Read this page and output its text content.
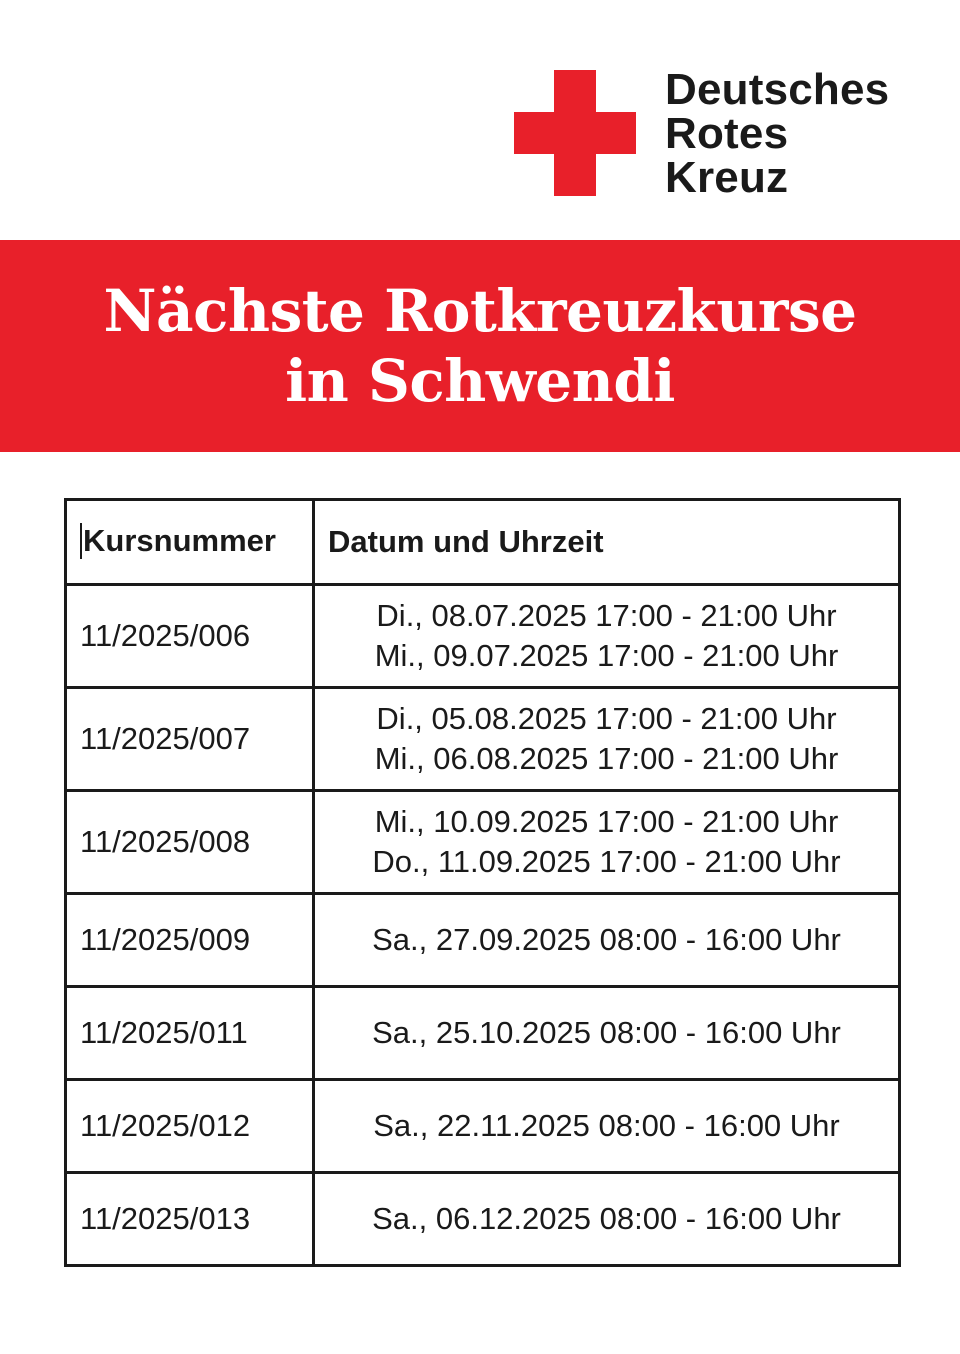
Deutsches
Rotes
Kreuz
Nächste Rotkreuzkurse
in Schwendi
Kursnummer	Datum und Uhrzeit
11/2025/006	Di., 08.07.2025 17:00 - 21:00 Uhr
Mi., 09.07.2025 17:00 - 21:00 Uhr

11/2025/007	Di., 05.08.2025 17:00 - 21:00 Uhr
Mi., 06.08.2025 17:00 - 21:00 Uhr

11/2025/008	Mi., 10.09.2025 17:00 - 21:00 Uhr
Do., 11.09.2025 17:00 - 21:00 Uhr

11/2025/009	Sa., 27.09.2025 08:00 - 16:00 Uhr

11/2025/011	Sa., 25.10.2025 08:00 - 16:00 Uhr

11/2025/012	Sa., 22.11.2025 08:00 - 16:00 Uhr

11/2025/013	Sa., 06.12.2025 08:00 - 16:00 Uhr
